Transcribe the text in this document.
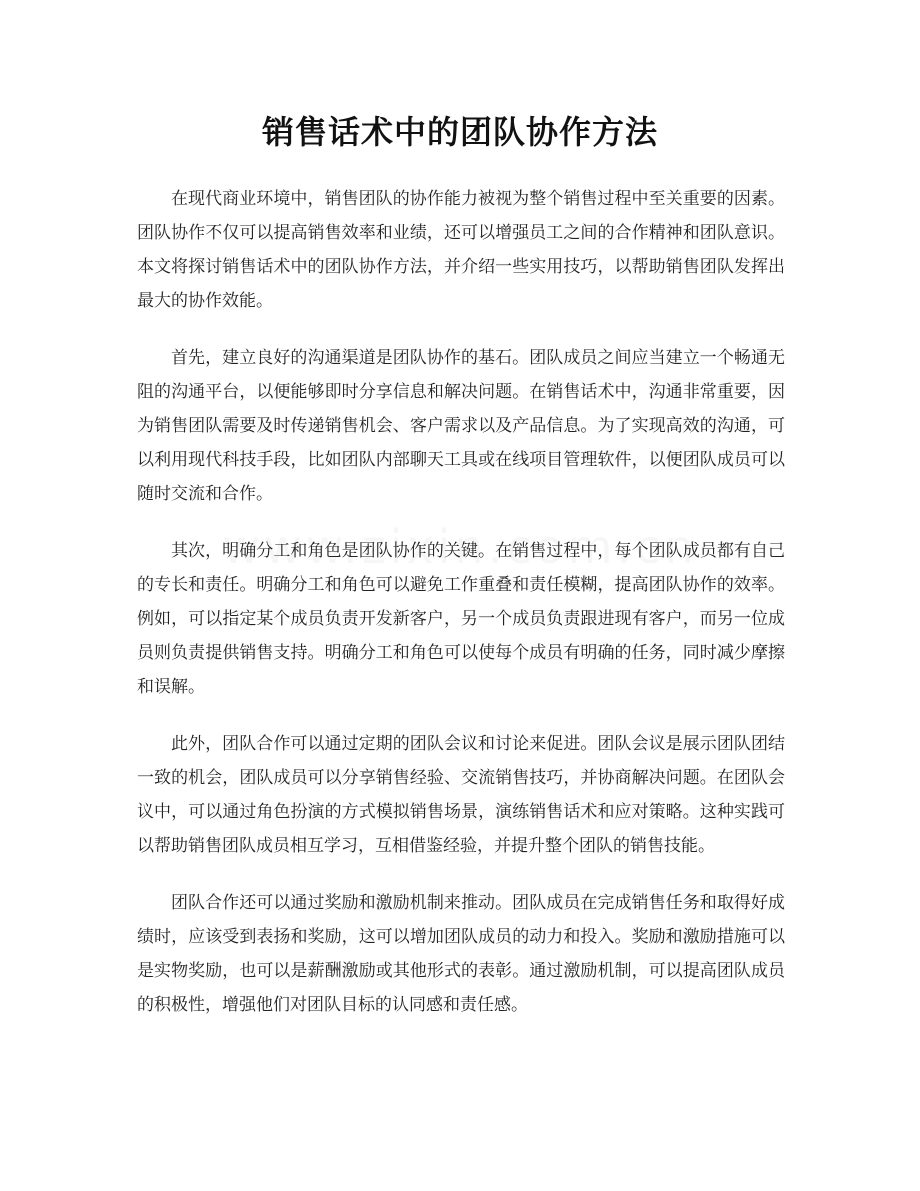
销售话术中的团队协作方法

在现代商业环境中，销售团队的协作能力被视为整个销售过程中至关重要的因素。团队协作不仅可以提高销售效率和业绩，还可以增强员工之间的合作精神和团队意识。本文将探讨销售话术中的团队协作方法，并介绍一些实用技巧，以帮助销售团队发挥出最大的协作效能。

首先，建立良好的沟通渠道是团队协作的基石。团队成员之间应当建立一个畅通无阻的沟通平台，以便能够即时分享信息和解决问题。在销售话术中，沟通非常重要，因为销售团队需要及时传递销售机会、客户需求以及产品信息。为了实现高效的沟通，可以利用现代科技手段，比如团队内部聊天工具或在线项目管理软件，以便团队成员可以随时交流和合作。

其次，明确分工和角色是团队协作的关键。在销售过程中，每个团队成员都有自己的专长和责任。明确分工和角色可以避免工作重叠和责任模糊，提高团队协作的效率。例如，可以指定某个成员负责开发新客户，另一个成员负责跟进现有客户，而另一位成员则负责提供销售支持。明确分工和角色可以使每个成员有明确的任务，同时减少摩擦和误解。

此外，团队合作可以通过定期的团队会议和讨论来促进。团队会议是展示团队团结一致的机会，团队成员可以分享销售经验、交流销售技巧，并协商解决问题。在团队会议中，可以通过角色扮演的方式模拟销售场景，演练销售话术和应对策略。这种实践可以帮助销售团队成员相互学习，互相借鉴经验，并提升整个团队的销售技能。

团队合作还可以通过奖励和激励机制来推动。团队成员在完成销售任务和取得好成绩时，应该受到表扬和奖励，这可以增加团队成员的动力和投入。奖励和激励措施可以是实物奖励，也可以是薪酬激励或其他形式的表彰。通过激励机制，可以提高团队成员的积极性，增强他们对团队目标的认同感和责任感。
